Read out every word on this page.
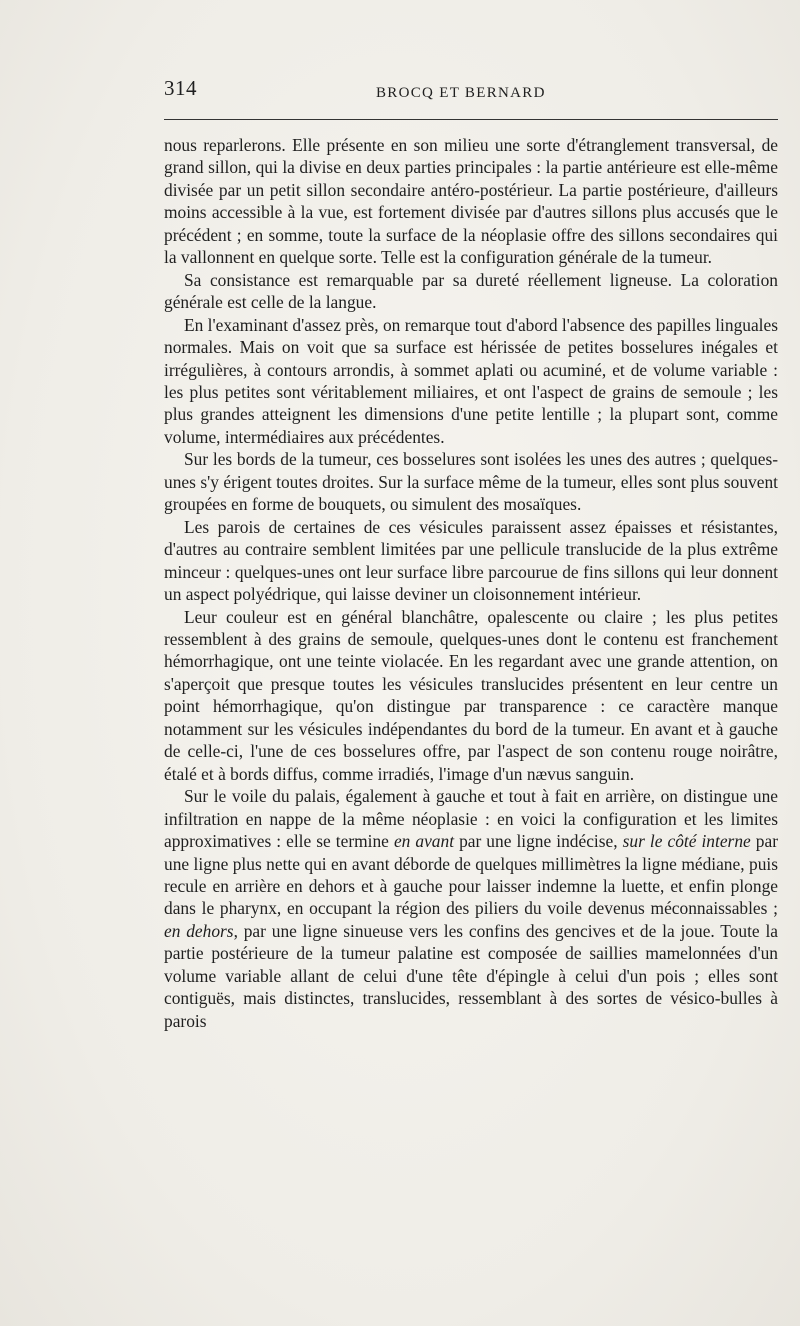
314	BROCQ ET BERNARD

nous reparlerons. Elle présente en son milieu une sorte d'étranglement transversal, de grand sillon, qui la divise en deux parties principales : la partie antérieure est elle-même divisée par un petit sillon secondaire antéro-postérieur. La partie postérieure, d'ailleurs moins accessible à la vue, est fortement divisée par d'autres sillons plus accusés que le précédent ; en somme, toute la surface de la néoplasie offre des sillons secondaires qui la vallonnent en quelque sorte. Telle est la configuration générale de la tumeur.

Sa consistance est remarquable par sa dureté réellement ligneuse. La coloration générale est celle de la langue.

En l'examinant d'assez près, on remarque tout d'abord l'absence des papilles linguales normales. Mais on voit que sa surface est hérissée de petites bosselures inégales et irrégulières, à contours arrondis, à sommet aplati ou acuminé, et de volume variable : les plus petites sont véritablement miliaires, et ont l'aspect de grains de semoule ; les plus grandes atteignent les dimensions d'une petite lentille ; la plupart sont, comme volume, intermédiaires aux précédentes.

Sur les bords de la tumeur, ces bosselures sont isolées les unes des autres ; quelques-unes s'y érigent toutes droites. Sur la surface même de la tumeur, elles sont plus souvent groupées en forme de bouquets, ou simulent des mosaïques.

Les parois de certaines de ces vésicules paraissent assez épaisses et résistantes, d'autres au contraire semblent limitées par une pellicule translucide de la plus extrême minceur : quelques-unes ont leur surface libre parcourue de fins sillons qui leur donnent un aspect polyédrique, qui laisse deviner un cloisonnement intérieur.

Leur couleur est en général blanchâtre, opalescente ou claire ; les plus petites ressemblent à des grains de semoule, quelques-unes dont le contenu est franchement hémorrhagique, ont une teinte violacée. En les regardant avec une grande attention, on s'aperçoit que presque toutes les vésicules translucides présentent en leur centre un point hémorrhagique, qu'on distingue par transparence : ce caractère manque notamment sur les vésicules indépendantes du bord de la tumeur. En avant et à gauche de celle-ci, l'une de ces bosselures offre, par l'aspect de son contenu rouge noirâtre, étalé et à bords diffus, comme irradiés, l'image d'un nævus sanguin.

Sur le voile du palais, également à gauche et tout à fait en arrière, on distingue une infiltration en nappe de la même néoplasie : en voici la configuration et les limites approximatives : elle se termine en avant par une ligne indécise, sur le côté interne par une ligne plus nette qui en avant déborde de quelques millimètres la ligne médiane, puis recule en arrière en dehors et à gauche pour laisser indemne la luette, et enfin plonge dans le pharynx, en occupant la région des piliers du voile devenus méconnaissables ; en dehors, par une ligne sinueuse vers les confins des gencives et de la joue. Toute la partie postérieure de la tumeur palatine est composée de saillies mamelonnées d'un volume variable allant de celui d'une tête d'épingle à celui d'un pois ; elles sont contiguës, mais distinctes, translucides, ressemblant à des sortes de vésico-bulles à parois
